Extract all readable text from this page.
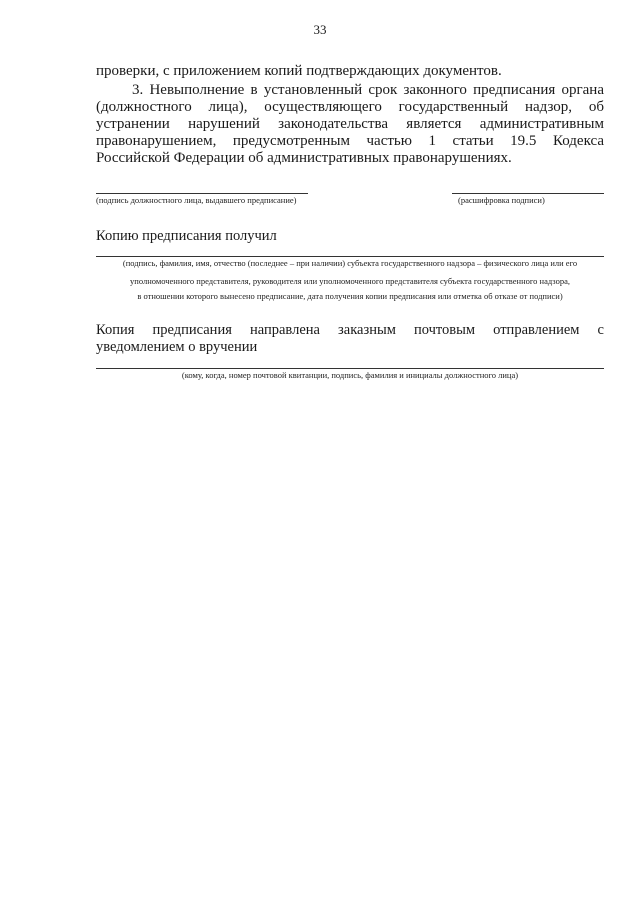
33
проверки, с приложением копий подтверждающих документов.
3. Невыполнение в установленный срок законного предписания органа (должностного лица), осуществляющего государственный надзор, об устранении нарушений законодательства является административным правонарушением, предусмотренным частью 1 статьи 19.5 Кодекса Российской Федерации об административных правонарушениях.
(подпись должностного лица, выдавшего предписание)	(расшифровка подписи)
Копию предписания получил
(подпись, фамилия, имя, отчество (последнее – при наличии) субъекта государственного надзора – физического лица или его
уполномоченного представителя, руководителя или уполномоченного представителя субъекта государственного надзора,
в отношении которого вынесено предписание, дата получения копии предписания или отметка об отказе от подписи)
Копия предписания направлена заказным почтовым отправлением с уведомлением о вручении
(кому, когда, номер почтовой квитанции, подпись, фамилия и инициалы должностного лица)
